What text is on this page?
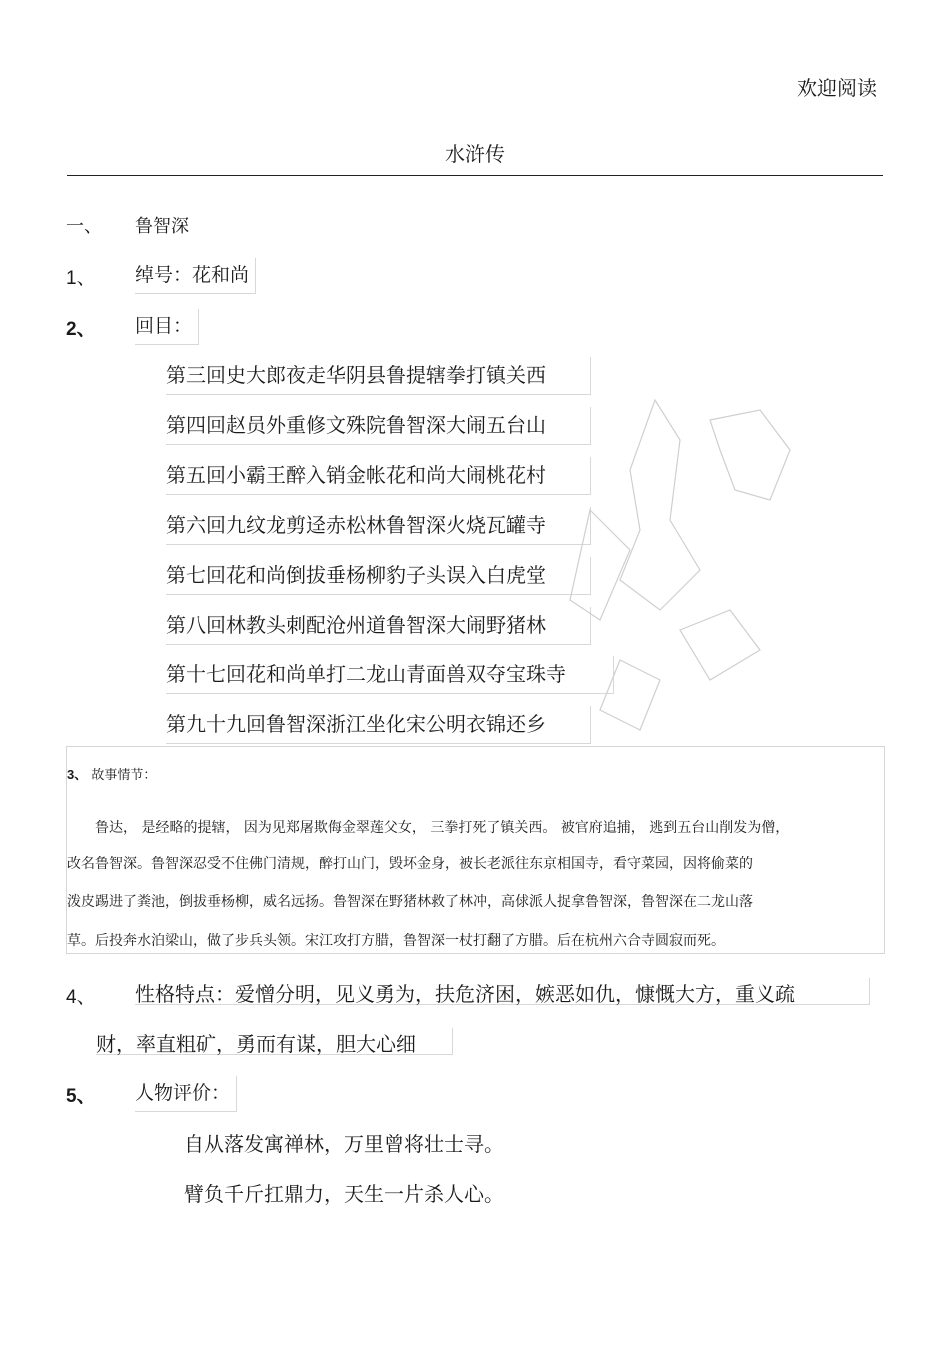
欢迎阅读
水浒传
一、 鲁智深
1、 绰号：花和尚
2、 回目：
第三回史大郎夜走华阴县鲁提辖拳打镇关西
第四回赵员外重修文殊院鲁智深大闹五台山
第五回小霸王醉入销金帐花和尚大闹桃花村
第六回九纹龙剪迳赤松林鲁智深火烧瓦罐寺
第七回花和尚倒拔垂杨柳豹子头误入白虎堂
第八回林教头刺配沧州道鲁智深大闹野猪林
第十七回花和尚单打二龙山青面兽双夺宝珠寺
第九十九回鲁智深浙江坐化宋公明衣锦还乡
3、 故事情节：
　　鲁达， 是经略的提辖， 因为见郑屠欺侮金翠莲父女， 三拳打死了镇关西。 被官府追捕， 逃到五台山削发为僧，
改名鲁智深。鲁智深忍受不住佛门清规，醉打山门，毁坏金身，被长老派往东京相国寺，看守菜园，因将偷菜的
泼皮踢进了粪池，倒拔垂杨柳，威名远扬。鲁智深在野猪林救了林冲，高俅派人捉拿鲁智深，鲁智深在二龙山落
草。后投奔水泊梁山，做了步兵头领。宋江攻打方腊，鲁智深一杖打翻了方腊。后在杭州六合寺圆寂而死。
4、 性格特点：爱憎分明，见义勇为，扶危济困，嫉恶如仇，慷慨大方，重义疏
财，率直粗矿，勇而有谋，胆大心细
5、 人物评价：
自从落发寓禅林，万里曾将壮士寻。
臂负千斤扛鼎力，天生一片杀人心。
